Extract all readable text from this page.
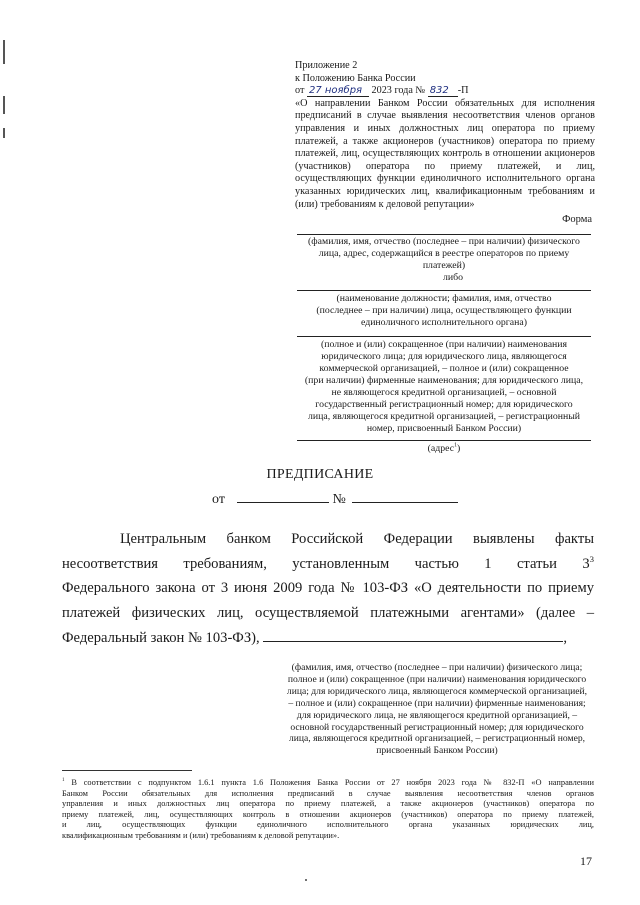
Приложение 2
к Положению Банка России
от 27 ноября 2023 года № 832 -П
«О направлении Банком России обязательных для исполнения
предписаний в случае выявления несоответствия членов органов
управления и иных должностных лиц оператора по приему
платежей, а также акционеров (участников) оператора по приему
платежей, лиц, осуществляющих контроль в отношении акционеров
(участников) оператора по приему платежей, и лиц,
осуществляющих функции единоличного исполнительного органа
указанных юридических лиц, квалификационным требованиям и
(или) требованиям к деловой репутации»
Форма
(фамилия, имя, отчество (последнее – при наличии) физического
лица, адрес, содержащийся в реестре операторов по приему
платежей)
либо
(наименование должности; фамилия, имя, отчество
(последнее – при наличии) лица, осуществляющего функции
единоличного исполнительного органа)
(полное и (или) сокращенное (при наличии) наименования
юридического лица; для юридического лица, являющегося
коммерческой организацией, – полное и (или) сокращенное
(при наличии) фирменные наименования; для юридического лица,
не являющегося кредитной организацией, – основной
государственный регистрационный номер; для юридического
лица, являющегося кредитной организацией, – регистрационный
номер, присвоенный Банком России)
(адрес$^1$)
ПРЕДПИСАНИЕ
от	№
Центральным банком Российской Федерации выявлены факты
несоответствия требованиям, установленным частью 1 статьи $3^3$
Федерального закона от 3 июня 2009 года № 103-ФЗ «О деятельности по приему
платежей физических лиц, осуществляемой платежными агентами» (далее –
Федеральный закон № 103-ФЗ),	,
(фамилия, имя, отчество (последнее – при наличии) физического лица;
полное и (или) сокращенное (при наличии) наименования юридического
лица; для юридического лица, являющегося коммерческой организацией,
– полное и (или) сокращенное (при наличии) фирменные наименования;
для юридического лица, не являющегося кредитной организацией, –
основной государственный регистрационный номер; для юридического
лица, являющегося кредитной организацией, – регистрационный номер,
присвоенный Банком России)
$^1$ В соответствии с подпунктом 1.6.1 пункта 1.6 Положения Банка России от 27 ноября 2023 года № 832-П «О направлении
Банком России обязательных для исполнения предписаний в случае выявления несоответствия членов органов
управления и иных должностных лиц оператора по приему платежей, а также акционеров (участников) оператора по
приему платежей, лиц, осуществляющих контроль в отношении акционеров (участников) оператора по приему платежей,
и лиц, осуществляющих функции единоличного исполнительного органа указанных юридических лиц,
квалификационным требованиям и (или) требованиям к деловой репутации».
17
